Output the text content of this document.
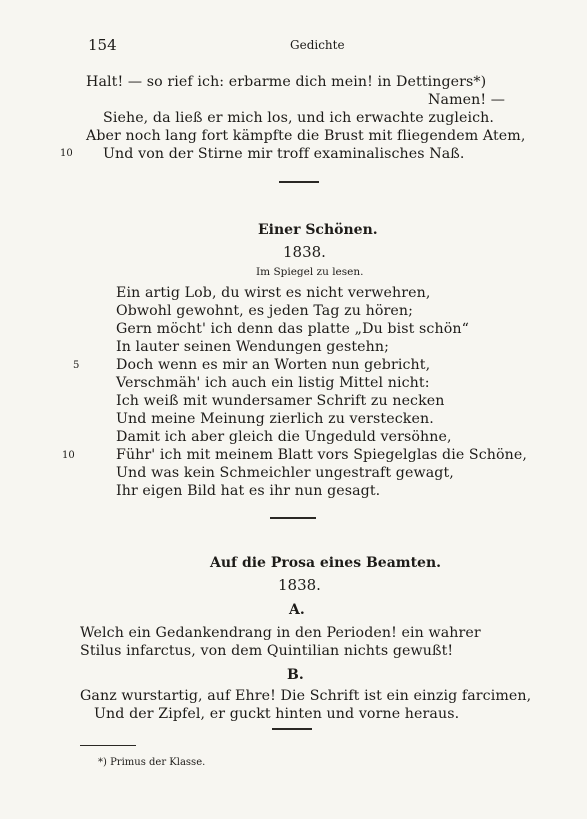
154	Gedichte
Halt! — so rief ich: erbarme dich mein! in Dettingers*)
Namen! —
Siehe, da ließ er mich los, und ich erwachte zugleich.
Aber noch lang fort kämpfte die Brust mit fliegendem Atem,
10 Und von der Stirne mir troff examinalisches Naß.
Einer Schönen.
1838.
Im Spiegel zu lesen.
Ein artig Lob, du wirst es nicht verwehren,
Obwohl gewohnt, es jeden Tag zu hören;
Gern möcht' ich denn das platte „Du bist schön“
In lauter seinen Wendungen gestehn;
5	Doch wenn es mir an Worten nun gebricht,
Verschmäh' ich auch ein listig Mittel nicht:
Ich weiß mit wundersamer Schrift zu necken
Und meine Meinung zierlich zu verstecken.
Damit ich aber gleich die Ungeduld versöhne,
10	Führ' ich mit meinem Blatt vors Spiegelglas die Schöne,
Und was kein Schmeichler ungestraft gewagt,
Ihr eigen Bild hat es ihr nun gesagt.
Auf die Prosa eines Beamten.
1838.
A.
Welch ein Gedankendrang in den Perioden! ein wahrer
Stilus infarctus, von dem Quintilian nichts gewußt!
B.
Ganz wurstartig, auf Ehre! Die Schrift ist ein einzig farcimen,
Und der Zipfel, er guckt hinten und vorne heraus.
*) Primus der Klasse.
